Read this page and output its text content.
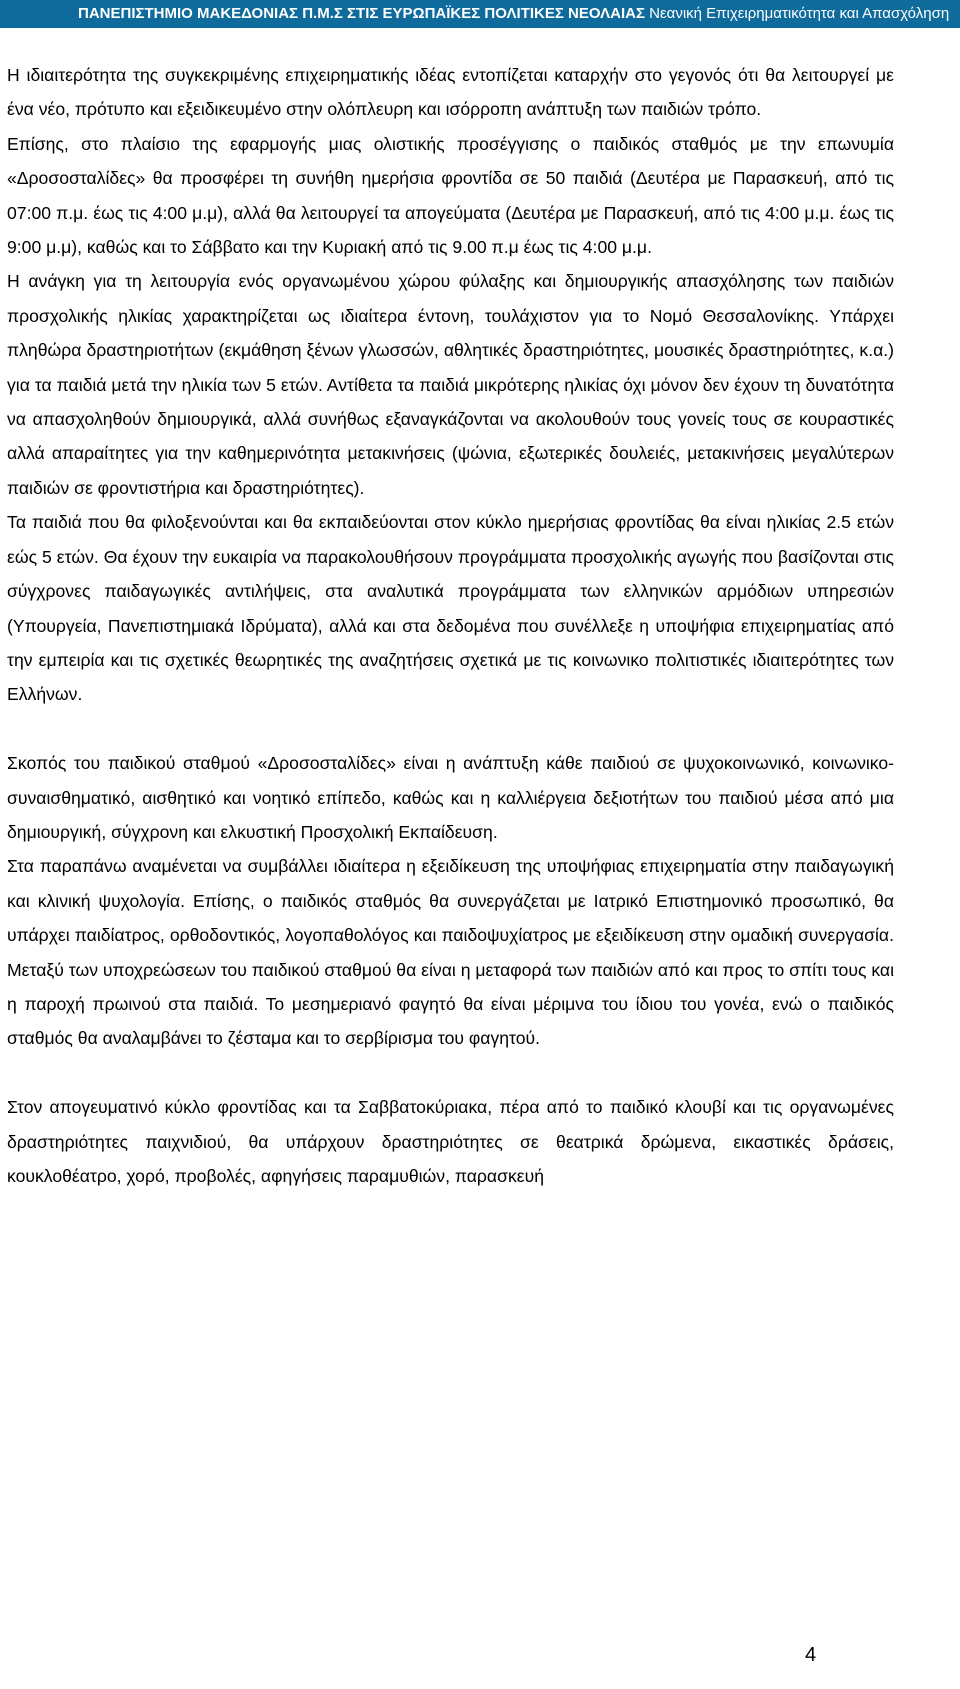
ΠΑΝΕΠΙΣΤΗΜΙΟ ΜΑΚΕΔΟΝΙΑΣ Π.Μ.Σ ΣΤΙΣ ΕΥΡΩΠΑΪΚΕΣ ΠΟΛΙΤΙΚΕΣ ΝΕΟΛΑΙΑΣ Νεανική Επιχειρηματικότητα και Απασχόληση

Η ιδιαιτερότητα της συγκεκριμένης επιχειρηματικής ιδέας εντοπίζεται καταρχήν στο γεγονός ότι θα λειτουργεί με ένα νέο, πρότυπο και εξειδικευμένο στην ολόπλευρη και ισόρροπη ανάπτυξη των παιδιών τρόπο.

Επίσης, στο πλαίσιο της εφαρμογής μιας ολιστικής προσέγγισης ο παιδικός σταθμός με την επωνυμία «Δροσοσταλίδες» θα προσφέρει τη συνήθη ημερήσια φροντίδα σε 50 παιδιά (Δευτέρα με Παρασκευή, από τις 07:00 π.μ. έως τις 4:00 μ.μ), αλλά θα λειτουργεί τα απογεύματα (Δευτέρα με Παρασκευή, από τις 4:00 μ.μ. έως τις 9:00 μ.μ), καθώς και το Σάββατο και την Κυριακή από τις 9.00 π.μ έως τις 4:00 μ.μ.

Η ανάγκη για τη λειτουργία ενός οργανωμένου χώρου φύλαξης και δημιουργικής απασχόλησης των παιδιών προσχολικής ηλικίας χαρακτηρίζεται ως ιδιαίτερα έντονη, τουλάχιστον για το Νομό Θεσσαλονίκης. Υπάρχει πληθώρα δραστηριοτήτων (εκμάθηση ξένων γλωσσών, αθλητικές δραστηριότητες, μουσικές δραστηριότητες, κ.α.) για τα παιδιά μετά την ηλικία των 5 ετών. Αντίθετα τα παιδιά μικρότερης ηλικίας όχι μόνον δεν έχουν τη δυνατότητα να απασχοληθούν δημιουργικά, αλλά συνήθως εξαναγκάζονται να ακολουθούν τους γονείς τους σε κουραστικές αλλά απαραίτητες για την καθημερινότητα μετακινήσεις (ψώνια, εξωτερικές δουλειές, μετακινήσεις μεγαλύτερων παιδιών σε φροντιστήρια και δραστηριότητες).

Τα παιδιά που θα φιλοξενούνται και θα εκπαιδεύονται στον κύκλο ημερήσιας φροντίδας θα είναι ηλικίας 2.5 ετών εώς 5 ετών. Θα έχουν την ευκαιρία να παρακολουθήσουν προγράμματα προσχολικής αγωγής που βασίζονται στις σύγχρονες παιδαγωγικές αντιλήψεις, στα αναλυτικά προγράμματα των ελληνικών αρμόδιων υπηρεσιών (Υπουργεία, Πανεπιστημιακά Ιδρύματα), αλλά και στα δεδομένα που συνέλλεξε η υποψήφια επιχειρηματίας από την εμπειρία και τις σχετικές θεωρητικές της αναζητήσεις σχετικά με τις κοινωνικο πολιτιστικές ιδιαιτερότητες των Ελλήνων.

Σκοπός του παιδικού σταθμού «Δροσοσταλίδες» είναι η ανάπτυξη κάθε παιδιού σε ψυχοκοινωνικό, κοινωνικο- συναισθηματικό, αισθητικό και νοητικό επίπεδο, καθώς και η καλλιέργεια δεξιοτήτων του παιδιού μέσα από μια δημιουργική, σύγχρονη και ελκυστική Προσχολική Εκπαίδευση.

Στα παραπάνω αναμένεται να συμβάλλει ιδιαίτερα η εξειδίκευση της υποψήφιας επιχειρηματία στην παιδαγωγική και κλινική ψυχολογία. Επίσης, ο παιδικός σταθμός θα συνεργάζεται με Ιατρικό Επιστημονικό προσωπικό, θα υπάρχει παιδίατρος, ορθοδοντικός, λογοπαθολόγος και παιδοψυχίατρος με εξειδίκευση στην ομαδική συνεργασία. Μεταξύ των υποχρεώσεων του παιδικού σταθμού θα είναι η μεταφορά των παιδιών από και προς το σπίτι τους και η παροχή πρωινού στα παιδιά. Το μεσημεριανό φαγητό θα είναι μέριμνα του ίδιου του γονέα, ενώ ο παιδικός σταθμός θα αναλαμβάνει το ζέσταμα και το σερβίρισμα του φαγητού.

Στον απογευματινό κύκλο φροντίδας και τα Σαββατοκύριακα, πέρα από το παιδικό κλουβί και τις οργανωμένες δραστηριότητες παιχνιδιού, θα υπάρχουν δραστηριότητες σε θεατρικά δρώμενα, εικαστικές δράσεις, κουκλοθέατρο, χορό, προβολές, αφηγήσεις παραμυθιών, παρασκευή

4
